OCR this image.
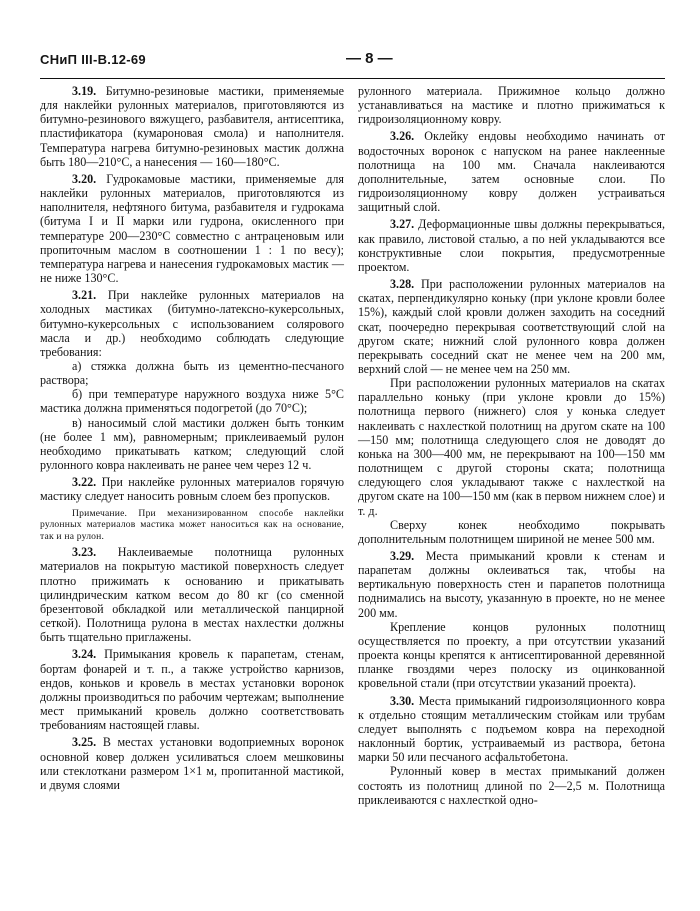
СНиП III-В.12-69	— 8 —

3.19. Битумно-резиновые мастики, применяемые для наклейки рулонных материалов, приготовляются из битумно-резинового вяжущего, разбавителя, антисептика, пластификатора (кумароновая смола) и наполнителя. Температура нагрева битумно-резиновых мастик должна быть 180—210°C, а нанесения — 160—180°C.

3.20. Гудрокамовые мастики, применяемые для наклейки рулонных материалов, приготовляются из наполнителя, нефтяного битума, разбавителя и гудрокама (битума I и II марки или гудрона, окисленного при температуре 200—230°С совместно с антраценовым или пропиточным маслом в соотношении 1 : 1 по весу); температура нагрева и нанесения гудрокамовых мастик — не ниже 130°С.

3.21. При наклейке рулонных материалов на холодных мастиках (битумно-латексно-кукерсольных, битумно-кукерсольных с использованием солярового масла и др.) необходимо соблюдать следующие требования:

а) стяжка должна быть из цементно-песчаного раствора;

б) при температуре наружного воздуха ниже 5°С мастика должна применяться подогретой (до 70°С);

в) наносимый слой мастики должен быть тонким (не более 1 мм), равномерным; приклеиваемый рулон необходимо прикатывать катком; следующий слой рулонного ковра наклеивать не ранее чем через 12 ч.

3.22. При наклейке рулонных материалов горячую мастику следует наносить ровным слоем без пропусков.

Примечание. При механизированном способе наклейки рулонных материалов мастика может наноситься как на основание, так и на рулон.

3.23. Наклеиваемые полотнища рулонных материалов на покрытую мастикой поверхность следует плотно прижимать к основанию и прикатывать цилиндрическим катком весом до 80 кг (со сменной брезентовой обкладкой или металлической панцирной сеткой). Полотнища рулона в местах нахлестки должны быть тщательно приглажены.

3.24. Примыкания кровель к парапетам, стенам, бортам фонарей и т. п., а также устройство карнизов, ендов, коньков и кровель в местах установки воронок должны производиться по рабочим чертежам; выполнение мест примыканий кровель должно соответствовать требованиям настоящей главы.

3.25. В местах установки водоприемных воронок основной ковер должен усиливаться слоем мешковины или стеклоткани размером 1×1 м, пропитанной мастикой, и двумя слоями

рулонного материала. Прижимное кольцо должно устанавливаться на мастике и плотно прижиматься к гидроизоляционному ковру.

3.26. Оклейку ендовы необходимо начинать от водосточных воронок с напуском на ранее наклеенные полотнища на 100 мм. Сначала наклеиваются дополнительные, затем основные слои. По гидроизоляционному ковру должен устраиваться защитный слой.

3.27. Деформационные швы должны перекрываться, как правило, листовой сталью, а по ней укладываются все конструктивные слои покрытия, предусмотренные проектом.

3.28. При расположении рулонных материалов на скатах, перпендикулярно коньку (при уклоне кровли более 15%), каждый слой кровли должен заходить на соседний скат, поочередно перекрывая соответствующий слой на другом скате; нижний слой рулонного ковра должен перекрывать соседний скат не менее чем на 200 мм, верхний слой — не менее чем на 250 мм.

При расположении рулонных материалов на скатах параллельно коньку (при уклоне кровли до 15%) полотнища первого (нижнего) слоя у конька следует наклеивать с нахлесткой полотнищ на другом скате на 100—150 мм; полотнища следующего слоя не доводят до конька на 300—400 мм, не перекрывают на 100—150 мм полотнищем с другой стороны ската; полотнища следующего слоя укладывают также с нахлесткой на другом скате на 100—150 мм (как в первом нижнем слое) и т. д.

Сверху конек необходимо покрывать дополнительным полотнищем шириной не менее 500 мм.

3.29. Места примыканий кровли к стенам и парапетам должны оклеиваться так, чтобы на вертикальную поверхность стен и парапетов полотнища поднимались на высоту, указанную в проекте, но не менее 200 мм.

Крепление концов рулонных полотнищ осуществляется по проекту, а при отсутствии указаний проекта концы крепятся к антисептированной деревянной планке гвоздями через полоску из оцинкованной кровельной стали (при отсутствии указаний проекта).

3.30. Места примыканий гидроизоляционного ковра к отдельно стоящим металлическим стойкам или трубам следует выполнять с подъемом ковра на переходной наклонный бортик, устраиваемый из раствора, бетона марки 50 или песчаного асфальтобетона.

Рулонный ковер в местах примыканий должен состоять из полотнищ длиной по 2—2,5 м. Полотнища приклеиваются с нахлесткой одно-
